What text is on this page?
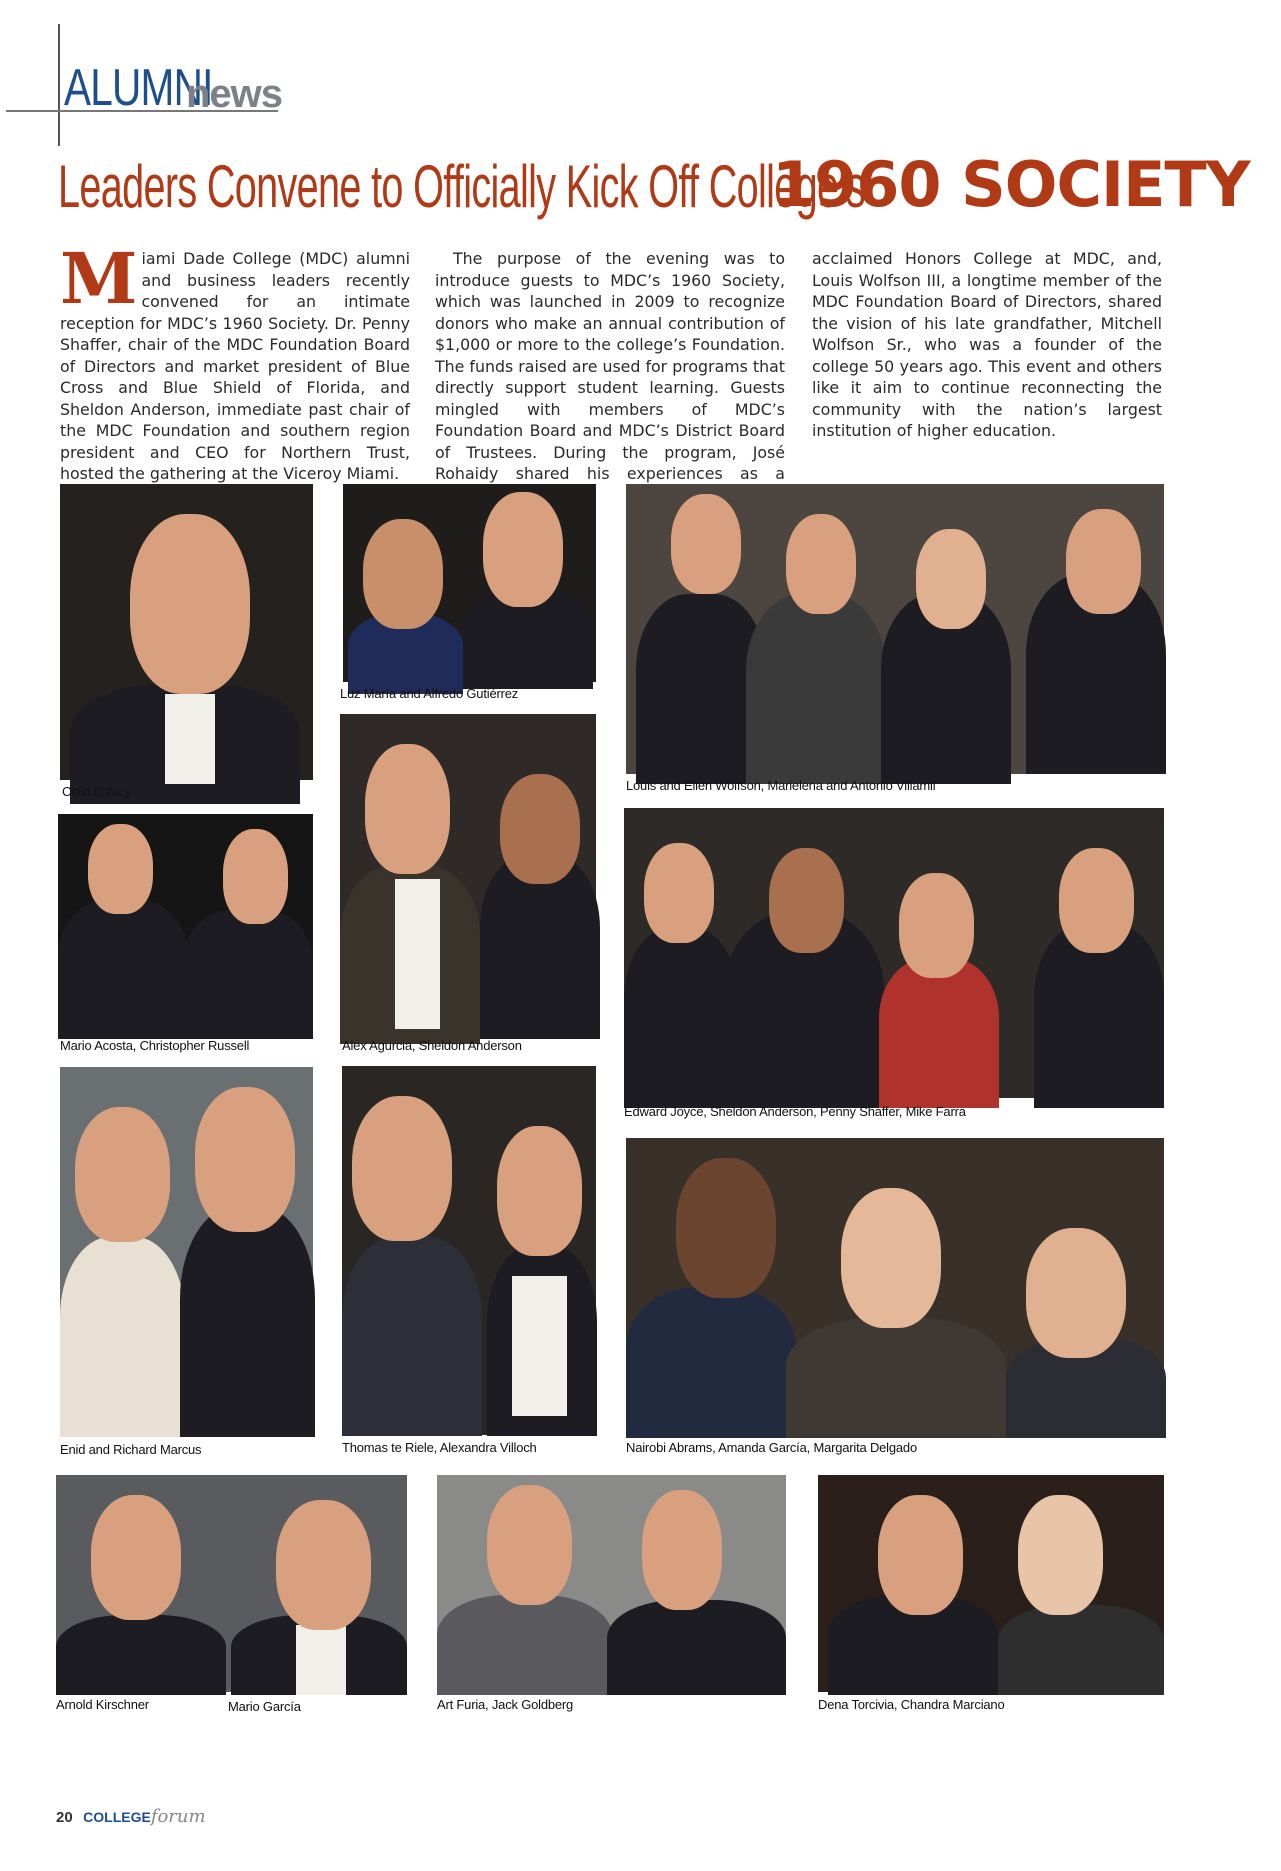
ALUMNI
news
Leaders Convene to Officially Kick Off College’s
1960 SOCIETY
M iami Dade College (MDC) alumni and business leaders recently convened for an intimate reception for MDC’s 1960 Society. Dr. Penny Shaffer, chair of the MDC Foundation Board of Directors and market president of Blue Cross and Blue Shield of Florida, and Sheldon Anderson, immediate past chair of the MDC Foundation and southern region president and CEO for Northern Trust, hosted the gathering at the Viceroy Miami.
The purpose of the evening was to introduce guests to MDC’s 1960 Society, which was launched in 2009 to recognize donors who make an annual contribution of $1,000 or more to the college’s Foundation. The funds raised are used for programs that directly support student learning. Guests mingled with members of MDC’s Foundation Board and MDC’s District Board of Trustees. During the program, José Rohaidy shared his experiences as a
acclaimed Honors College at MDC, and, Louis Wolfson III, a longtime member of the MDC Foundation Board of Directors, shared the vision of his late grandfather, Mitchell Wolfson Sr., who was a founder of the college 50 years ago. This event and others like it aim to continue reconnecting the community with the nation’s largest institution of higher education.
Colin D’Arcy
Luz María and Alfredo Gutiérrez
Louis and Ellen Wolfson, Marielena and Antonio Villamil
Mario Acosta, Christopher Russell	Alex Agurcia, Sheldon Anderson
Edward Joyce, Sheldon Anderson, Penny Shaffer, Mike Farra
Enid and Richard Marcus	Thomas te Riele, Alexandra Villoch	Nairobi Abrams, Amanda García, Margarita Delgado
Arnold Kirschner	Mario García	Art Furia, Jack Goldberg	Dena Torcivia, Chandra Marciano
20 COLLEGEforum
